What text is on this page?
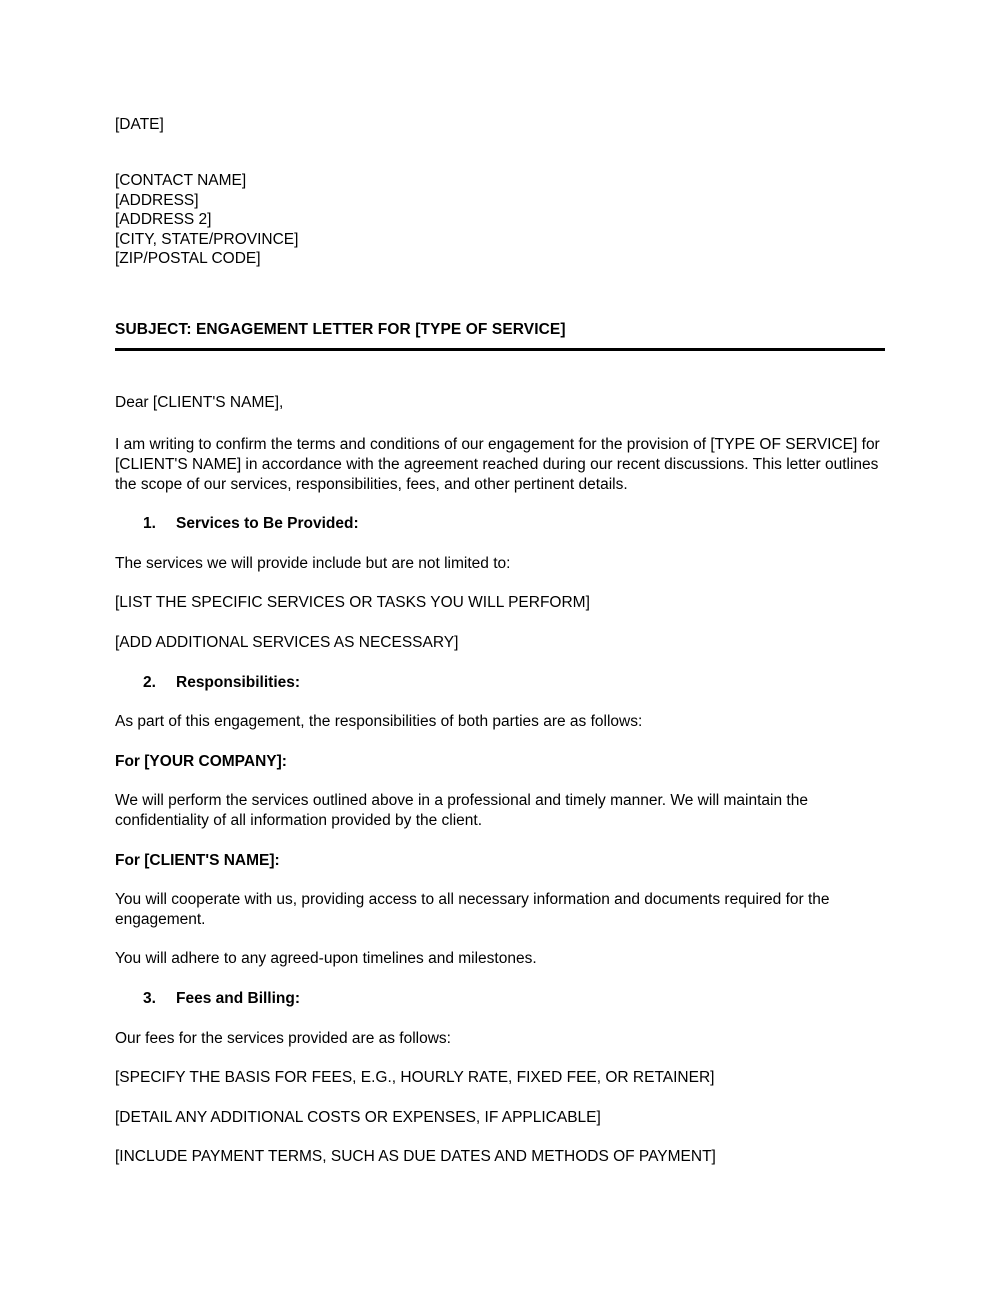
[DATE]
[CONTACT NAME]
[ADDRESS]
[ADDRESS 2]
[CITY, STATE/PROVINCE]
[ZIP/POSTAL CODE]
SUBJECT: ENGAGEMENT LETTER FOR [TYPE OF SERVICE]
Dear [CLIENT'S NAME],
I am writing to confirm the terms and conditions of our engagement for the provision of [TYPE OF SERVICE] for [CLIENT'S NAME] in accordance with the agreement reached during our recent discussions. This letter outlines the scope of our services, responsibilities, fees, and other pertinent details.
1. Services to Be Provided:
The services we will provide include but are not limited to:
[LIST THE SPECIFIC SERVICES OR TASKS YOU WILL PERFORM]
[ADD ADDITIONAL SERVICES AS NECESSARY]
2. Responsibilities:
As part of this engagement, the responsibilities of both parties are as follows:
For [YOUR COMPANY]:
We will perform the services outlined above in a professional and timely manner. We will maintain the confidentiality of all information provided by the client.
For [CLIENT'S NAME]:
You will cooperate with us, providing access to all necessary information and documents required for the engagement.
You will adhere to any agreed-upon timelines and milestones.
3. Fees and Billing:
Our fees for the services provided are as follows:
[SPECIFY THE BASIS FOR FEES, E.G., HOURLY RATE, FIXED FEE, OR RETAINER]
[DETAIL ANY ADDITIONAL COSTS OR EXPENSES, IF APPLICABLE]
[INCLUDE PAYMENT TERMS, SUCH AS DUE DATES AND METHODS OF PAYMENT]
